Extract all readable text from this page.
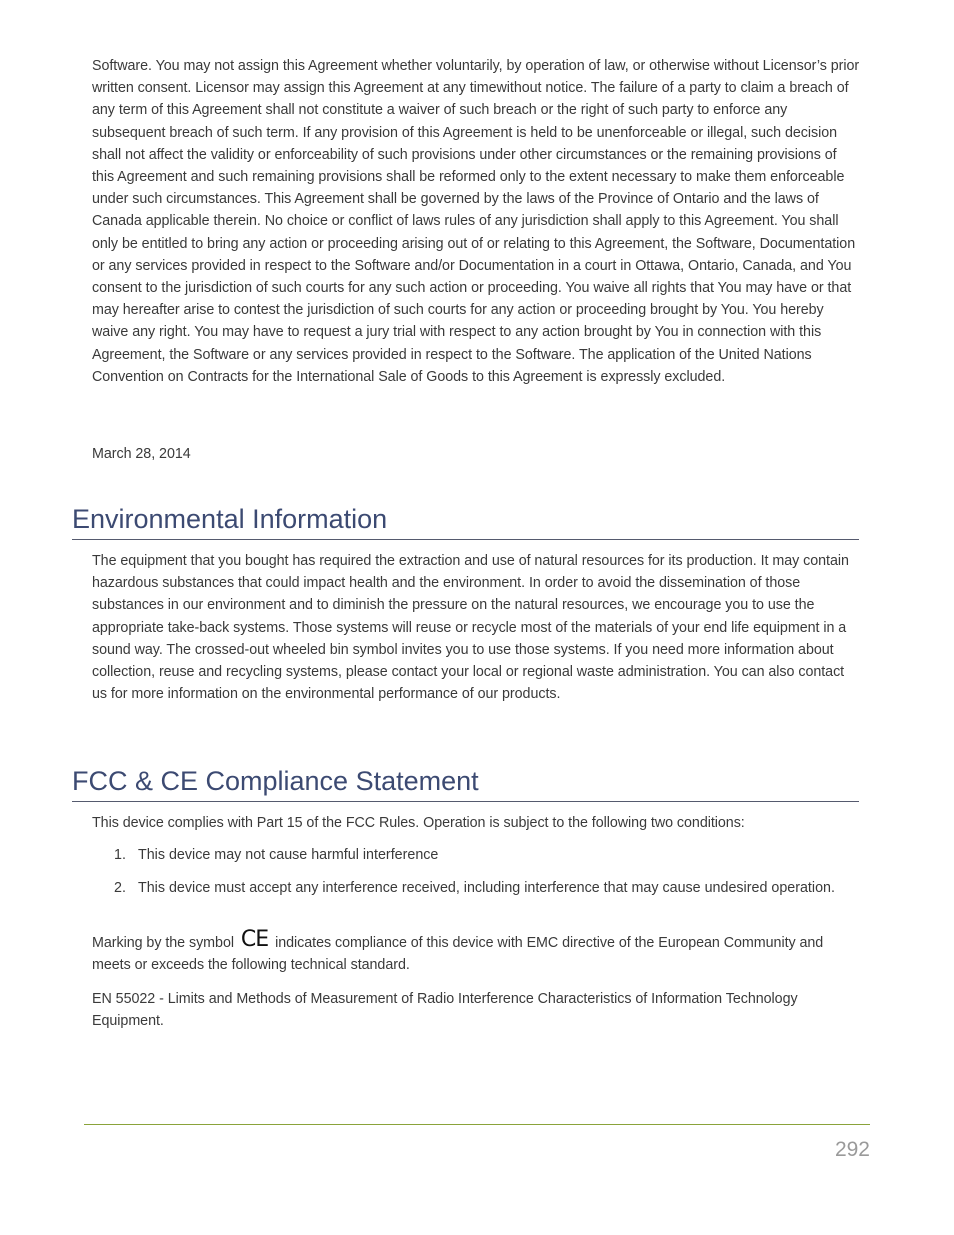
Software. You may not assign this Agreement whether voluntarily, by operation of law, or otherwise without Licensor’s prior written consent. Licensor may assign this Agreement at any timewithout notice. The failure of a party to claim a breach of any term of this Agreement shall not constitute a waiver of such breach or the right of such party to enforce any subsequent breach of such term. If any provision of this Agreement is held to be unenforceable or illegal, such decision shall not affect the validity or enforceability of such provisions under other circumstances or the remaining provisions of this Agreement and such remaining provisions shall be reformed only to the extent necessary to make them enforceable under such circumstances. This Agreement shall be governed by the laws of the Province of Ontario and the laws of Canada applicable therein. No choice or conflict of laws rules of any jurisdiction shall apply to this Agreement. You shall only be entitled to bring any action or proceeding arising out of or relating to this Agreement, the Software, Documentation or any services provided in respect to the Software and/or Documentation in a court in Ottawa, Ontario, Canada, and You consent to the jurisdiction of such courts for any such action or proceeding. You waive all rights that You may have or that may hereafter arise to contest the jurisdiction of such courts for any action or proceeding brought by You. You hereby waive any right. You may have to request a jury trial with respect to any action brought by You in connection with this Agreement, the Software or any services provided in respect to the Software. The application of the United Nations Convention on Contracts for the International Sale of Goods to this Agreement is expressly excluded.

March 28, 2014

Environmental Information

The equipment that you bought has required the extraction and use of natural resources for its production. It may contain hazardous substances that could impact health and the environment. In order to avoid the dissemination of those substances in our environment and to diminish the pressure on the natural resources, we encourage you to use the appropriate take-back systems. Those systems will reuse or recycle most of the materials of your end life equipment in a sound way. The crossed-out wheeled bin symbol invites you to use those systems. If you need more information about collection, reuse and recycling systems, please contact your local or regional waste administration. You can also contact us for more information on the environmental performance of our products.

FCC & CE Compliance Statement

This device complies with Part 15 of the FCC Rules. Operation is subject to the following two conditions:

1. This device may not cause harmful interference
2. This device must accept any interference received, including interference that may cause undesired operation.

Marking by the symbol CE indicates compliance of this device with EMC directive of the European Community and meets or exceeds the following technical standard.

EN 55022 - Limits and Methods of Measurement of Radio Interference Characteristics of Information Technology Equipment.

292
